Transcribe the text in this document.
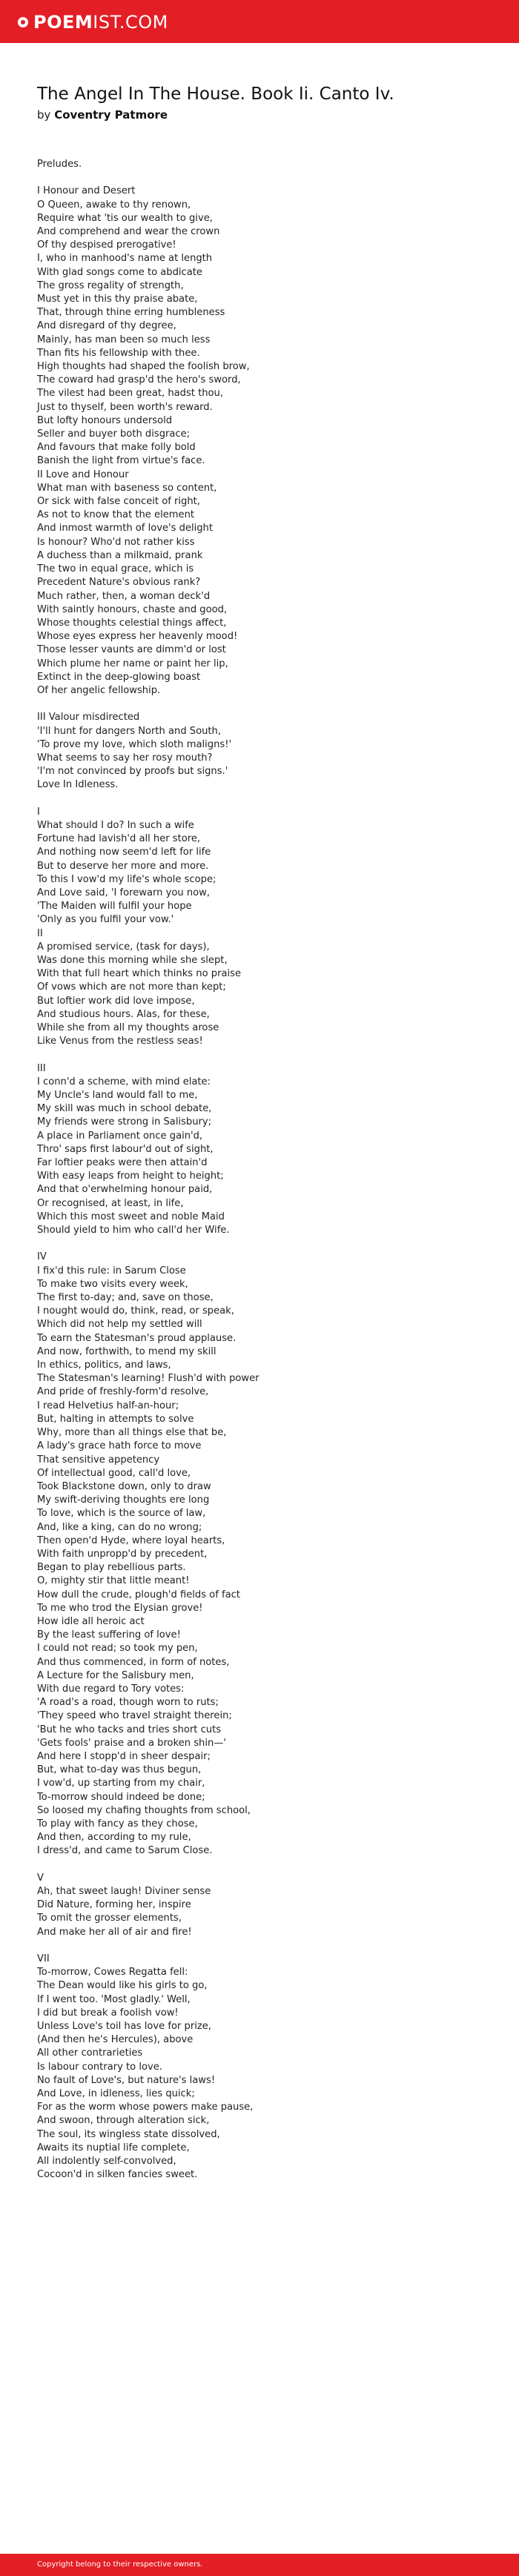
POEMIST.COM
The Angel In The House. Book Ii. Canto Iv.
by Coventry Patmore
Preludes.

I Honour and Desert
O Queen, awake to thy renown,
Require what 'tis our wealth to give,
And comprehend and wear the crown
Of thy despised prerogative!
I, who in manhood's name at length
With glad songs come to abdicate
The gross regality of strength,
Must yet in this thy praise abate,
That, through thine erring humbleness
And disregard of thy degree,
Mainly, has man been so much less
Than fits his fellowship with thee.
High thoughts had shaped the foolish brow,
The coward had grasp'd the hero's sword,
The vilest had been great, hadst thou,
Just to thyself, been worth's reward.
But lofty honours undersold
Seller and buyer both disgrace;
And favours that make folly bold
Banish the light from virtue's face.
II Love and Honour
What man with baseness so content,
Or sick with false conceit of right,
As not to know that the element
And inmost warmth of love's delight
Is honour? Who'd not rather kiss
A duchess than a milkmaid, prank
The two in equal grace, which is
Precedent Nature's obvious rank?
Much rather, then, a woman deck'd
With saintly honours, chaste and good,
Whose thoughts celestial things affect,
Whose eyes express her heavenly mood!
Those lesser vaunts are dimm'd or lost
Which plume her name or paint her lip,
Extinct in the deep-glowing boast
Of her angelic fellowship.

III Valour misdirected
'I'll hunt for dangers North and South,
'To prove my love, which sloth maligns!'
What seems to say her rosy mouth?
'I'm not convinced by proofs but signs.'
Love In Idleness.

I
What should I do? In such a wife
Fortune had lavish'd all her store,
And nothing now seem'd left for life
But to deserve her more and more.
To this I vow'd my life's whole scope;
And Love said, 'I forewarn you now,
'The Maiden will fulfil your hope
'Only as you fulfil your vow.'
II
A promised service, (task for days),
Was done this morning while she slept,
With that full heart which thinks no praise
Of vows which are not more than kept;
But loftier work did love impose,
And studious hours. Alas, for these,
While she from all my thoughts arose
Like Venus from the restless seas!

III
I conn'd a scheme, with mind elate:
My Uncle's land would fall to me,
My skill was much in school debate,
My friends were strong in Salisbury;
A place in Parliament once gain'd,
Thro' saps first labour'd out of sight,
Far loftier peaks were then attain'd
With easy leaps from height to height;
And that o'erwhelming honour paid,
Or recognised, at least, in life,
Which this most sweet and noble Maid
Should yield to him who call'd her Wife.

IV
I fix'd this rule: in Sarum Close
To make two visits every week,
The first to-day; and, save on those,
I nought would do, think, read, or speak,
Which did not help my settled will
To earn the Statesman's proud applause.
And now, forthwith, to mend my skill
In ethics, politics, and laws,
The Statesman's learning! Flush'd with power
And pride of freshly-form'd resolve,
I read Helvetius half-an-hour;
But, halting in attempts to solve
Why, more than all things else that be,
A lady's grace hath force to move
That sensitive appetency
Of intellectual good, call'd love,
Took Blackstone down, only to draw
My swift-deriving thoughts ere long
To love, which is the source of law,
And, like a king, can do no wrong;
Then open'd Hyde, where loyal hearts,
With faith unpropp'd by precedent,
Began to play rebellious parts.
O, mighty stir that little meant!
How dull the crude, plough'd fields of fact
To me who trod the Elysian grove!
How idle all heroic act
By the least suffering of love!
I could not read; so took my pen,
And thus commenced, in form of notes,
A Lecture for the Salisbury men,
With due regard to Tory votes:
'A road's a road, though worn to ruts;
'They speed who travel straight therein;
'But he who tacks and tries short cuts
'Gets fools' praise and a broken shin—'
And here I stopp'd in sheer despair;
But, what to-day was thus begun,
I vow'd, up starting from my chair,
To-morrow should indeed be done;
So loosed my chafing thoughts from school,
To play with fancy as they chose,
And then, according to my rule,
I dress'd, and came to Sarum Close.

V
Ah, that sweet laugh! Diviner sense
Did Nature, forming her, inspire
To omit the grosser elements,
And make her all of air and fire!

VII
To-morrow, Cowes Regatta fell:
The Dean would like his girls to go,
If I went too. 'Most gladly.' Well,
I did but break a foolish vow!
Unless Love's toil has love for prize,
(And then he's Hercules), above
All other contrarieties
Is labour contrary to love.
No fault of Love's, but nature's laws!
And Love, in idleness, lies quick;
For as the worm whose powers make pause,
And swoon, through alteration sick,
The soul, its wingless state dissolved,
Awaits its nuptial life complete,
All indolently self-convolved,
Cocoon'd in silken fancies sweet.
Copyright belong to their respective owners.
